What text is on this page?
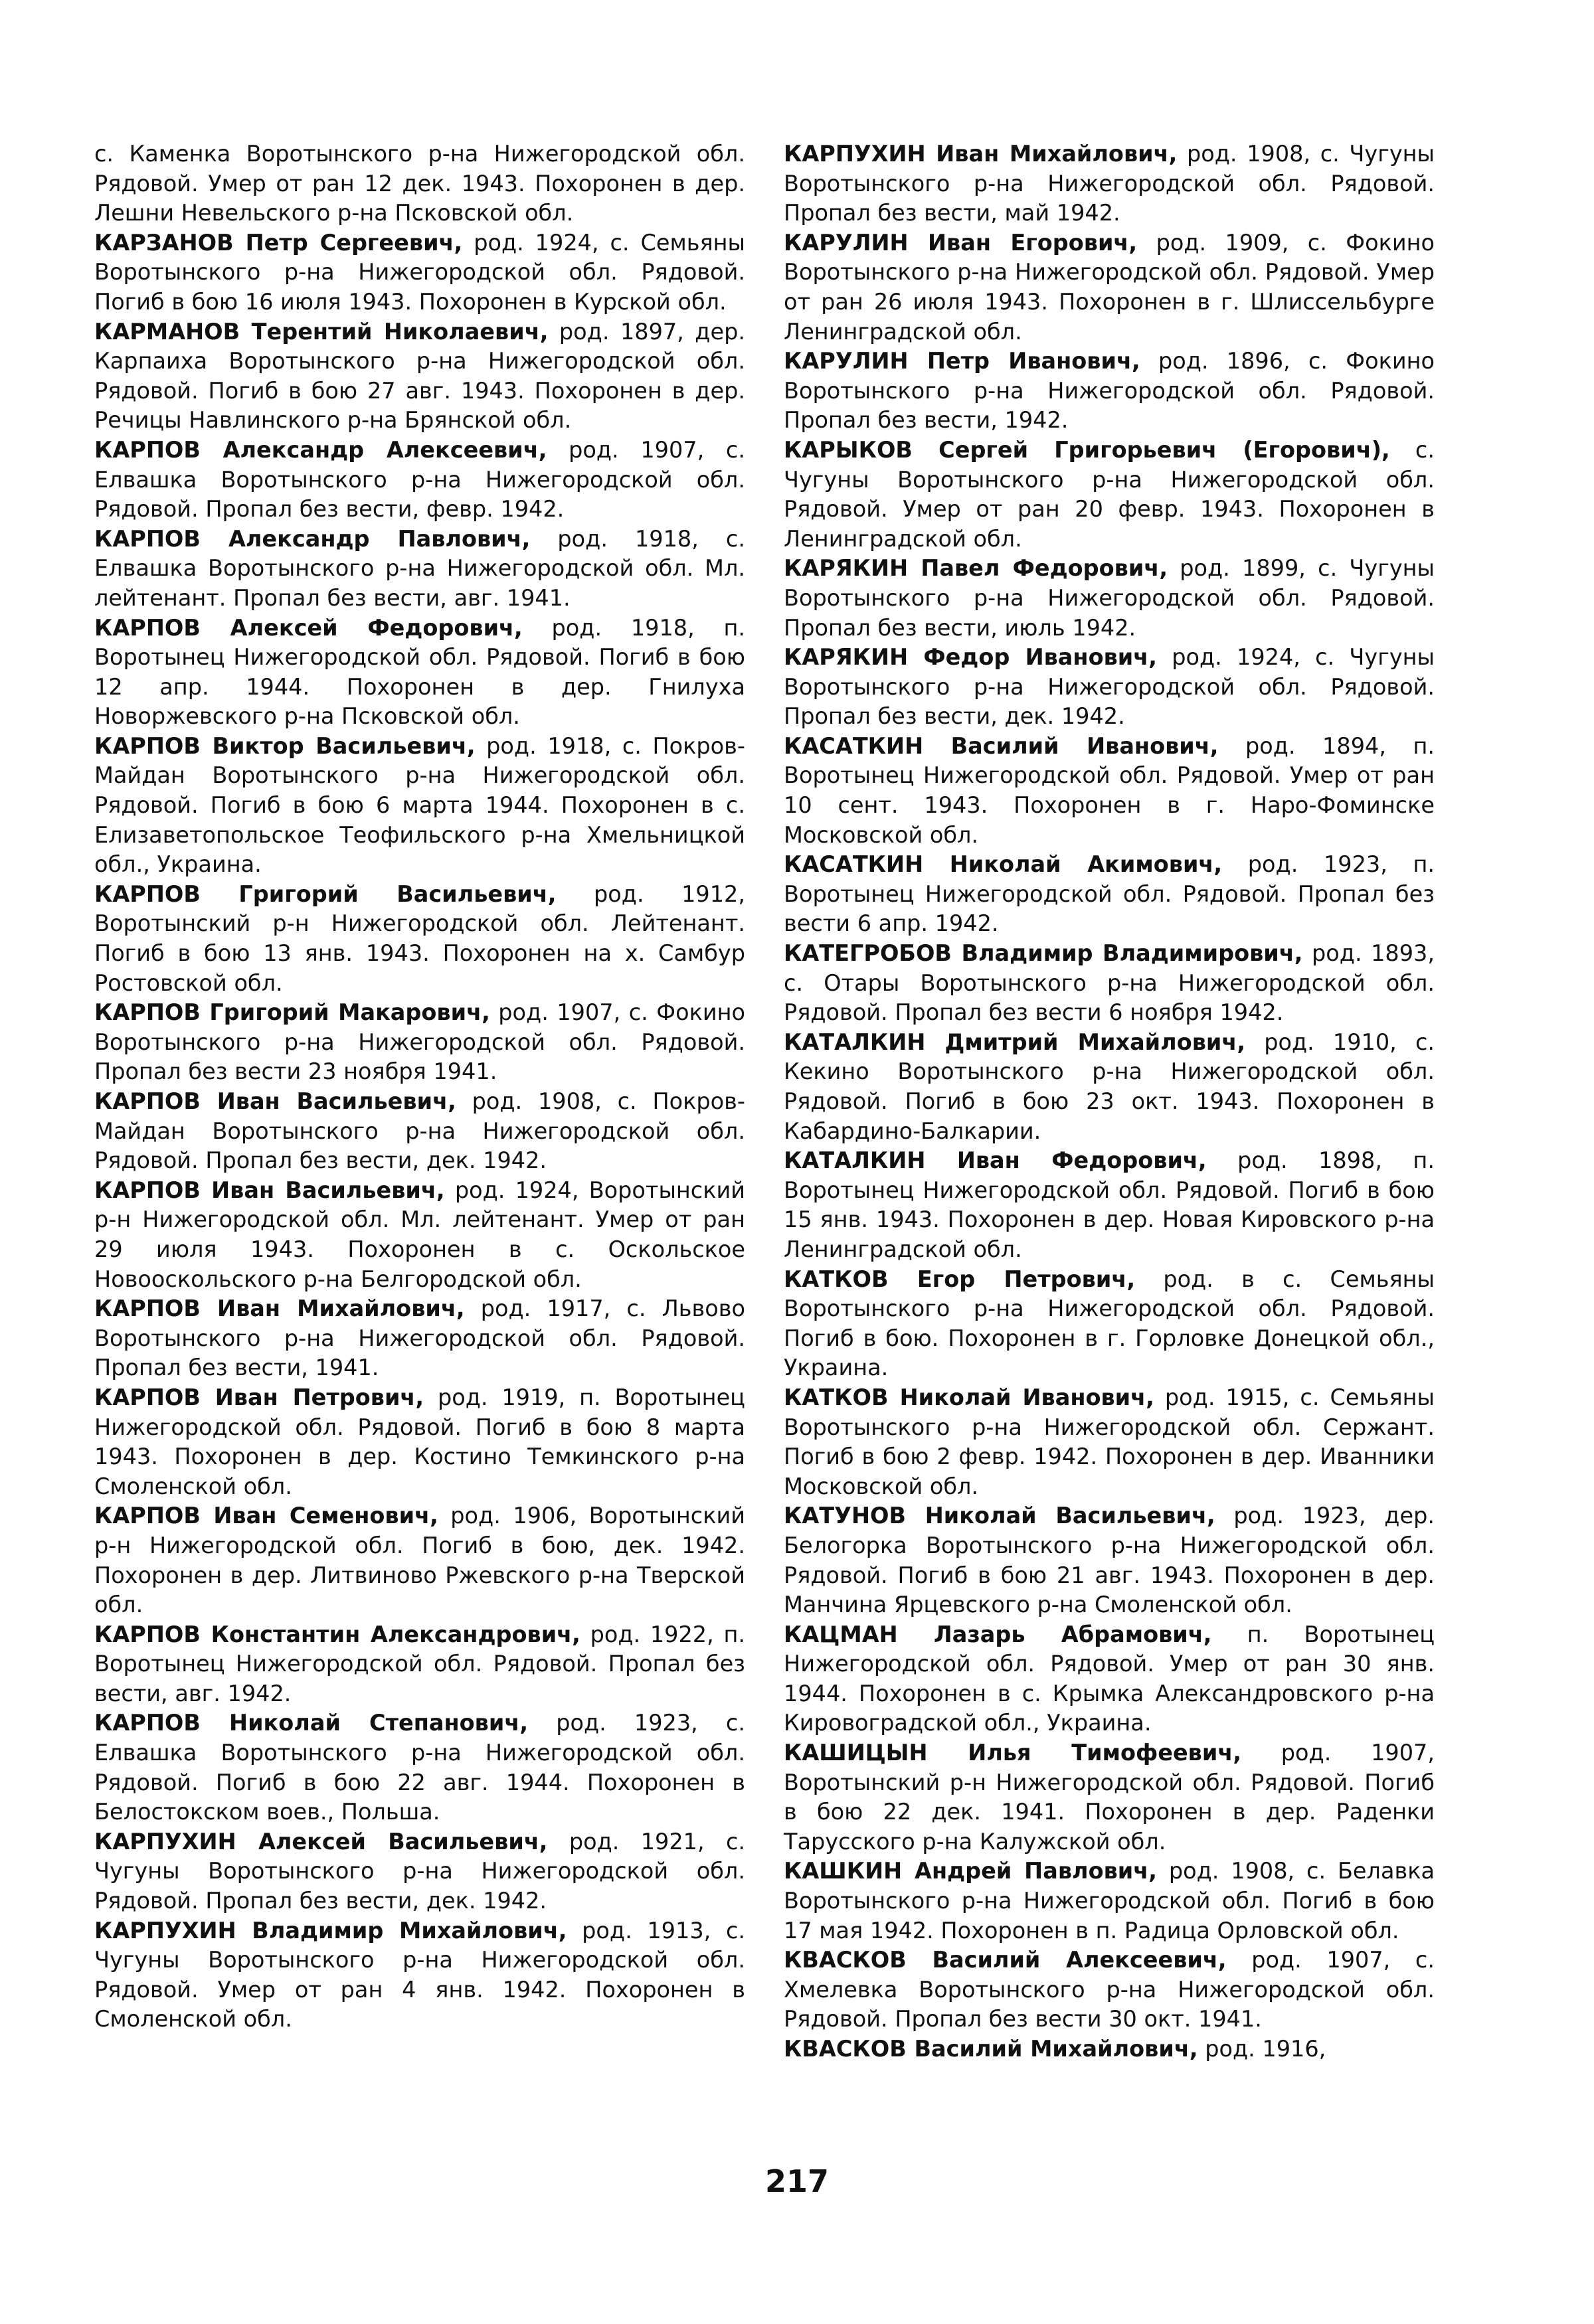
с. Каменка Воротынского р-на Нижегородской обл. Рядовой. Умер от ран 12 дек. 1943. Похоронен в дер. Лешни Невельского р-на Псковской обл.

КАРЗАНОВ Петр Сергеевич, род. 1924, с. Семьяны Воротынского р-на Нижегородской обл. Рядовой. Погиб в бою 16 июля 1943. Похоронен в Курской обл.

КАРМАНОВ Терентий Николаевич, род. 1897, дер. Карпаиха Воротынского р-на Нижегородской обл. Рядовой. Погиб в бою 27 авг. 1943. Похоронен в дер. Речицы Навлинского р-на Брянской обл.

КАРПОВ Александр Алексеевич, род. 1907, с. Елвашка Воротынского р-на Нижегородской обл. Рядовой. Пропал без вести, февр. 1942.

КАРПОВ Александр Павлович, род. 1918, с. Елвашка Воротынского р-на Нижегородской обл. Мл. лейтенант. Пропал без вести, авг. 1941.

КАРПОВ Алексей Федорович, род. 1918, п. Воротынец Нижегородской обл. Рядовой. Погиб в бою 12 апр. 1944. Похоронен в дер. Гнилуха Новоржевского р-на Псковской обл.

КАРПОВ Виктор Васильевич, род. 1918, с. Покров-Майдан Воротынского р-на Нижегородской обл. Рядовой. Погиб в бою 6 марта 1944. Похоронен в с. Елизаветопольское Теофильского р-на Хмельницкой обл., Украина.

КАРПОВ Григорий Васильевич, род. 1912, Воротынский р-н Нижегородской обл. Лейтенант. Погиб в бою 13 янв. 1943. Похоронен на х. Самбур Ростовской обл.

КАРПОВ Григорий Макарович, род. 1907, с. Фокино Воротынского р-на Нижегородской обл. Рядовой. Пропал без вести 23 ноября 1941.

КАРПОВ Иван Васильевич, род. 1908, с. Покров-Майдан Воротынского р-на Нижегородской обл. Рядовой. Пропал без вести, дек. 1942.

КАРПОВ Иван Васильевич, род. 1924, Воротынский р-н Нижегородской обл. Мл. лейтенант. Умер от ран 29 июля 1943. Похоронен в с. Оскольское Новооскольского р-на Белгородской обл.

КАРПОВ Иван Михайлович, род. 1917, с. Львово Воротынского р-на Нижегородской обл. Рядовой. Пропал без вести, 1941.

КАРПОВ Иван Петрович, род. 1919, п. Воротынец Нижегородской обл. Рядовой. Погиб в бою 8 марта 1943. Похоронен в дер. Костино Темкинского р-на Смоленской обл.

КАРПОВ Иван Семенович, род. 1906, Воротынский р-н Нижегородской обл. Погиб в бою, дек. 1942. Похоронен в дер. Литвиново Ржевского р-на Тверской обл.

КАРПОВ Константин Александрович, род. 1922, п. Воротынец Нижегородской обл. Рядовой. Пропал без вести, авг. 1942.

КАРПОВ Николай Степанович, род. 1923, с. Елвашка Воротынского р-на Нижегородской обл. Рядовой. Погиб в бою 22 авг. 1944. Похоронен в Белостокском воев., Польша.

КАРПУХИН Алексей Васильевич, род. 1921, с. Чугуны Воротынского р-на Нижегородской обл. Рядовой. Пропал без вести, дек. 1942.

КАРПУХИН Владимир Михайлович, род. 1913, с. Чугуны Воротынского р-на Нижегородской обл. Рядовой. Умер от ран 4 янв. 1942. Похоронен в Смоленской обл.

КАРПУХИН Иван Михайлович, род. 1908, с. Чугуны Воротынского р-на Нижегородской обл. Рядовой. Пропал без вести, май 1942.

КАРУЛИН Иван Егорович, род. 1909, с. Фокино Воротынского р-на Нижегородской обл. Рядовой. Умер от ран 26 июля 1943. Похоронен в г. Шлиссельбурге Ленинградской обл.

КАРУЛИН Петр Иванович, род. 1896, с. Фокино Воротынского р-на Нижегородской обл. Рядовой. Пропал без вести, 1942.

КАРЫКОВ Сергей Григорьевич (Егорович), с. Чугуны Воротынского р-на Нижегородской обл. Рядовой. Умер от ран 20 февр. 1943. Похоронен в Ленинградской обл.

КАРЯКИН Павел Федорович, род. 1899, с. Чугуны Воротынского р-на Нижегородской обл. Рядовой. Пропал без вести, июль 1942.

КАРЯКИН Федор Иванович, род. 1924, с. Чугуны Воротынского р-на Нижегородской обл. Рядовой. Пропал без вести, дек. 1942.

КАСАТКИН Василий Иванович, род. 1894, п. Воротынец Нижегородской обл. Рядовой. Умер от ран 10 сент. 1943. Похоронен в г. Наро-Фоминске Московской обл.

КАСАТКИН Николай Акимович, род. 1923, п. Воротынец Нижегородской обл. Рядовой. Пропал без вести 6 апр. 1942.

КАТЕГРОБОВ Владимир Владимирович, род. 1893, с. Отары Воротынского р-на Нижегородской обл. Рядовой. Пропал без вести 6 ноября 1942.

КАТАЛКИН Дмитрий Михайлович, род. 1910, с. Кекино Воротынского р-на Нижегородской обл. Рядовой. Погиб в бою 23 окт. 1943. Похоронен в Кабардино-Балкарии.

КАТАЛКИН Иван Федорович, род. 1898, п. Воротынец Нижегородской обл. Рядовой. Погиб в бою 15 янв. 1943. Похоронен в дер. Новая Кировского р-на Ленинградской обл.

КАТКОВ Егор Петрович, род. в с. Семьяны Воротынского р-на Нижегородской обл. Рядовой. Погиб в бою. Похоронен в г. Горловке Донецкой обл., Украина.

КАТКОВ Николай Иванович, род. 1915, с. Семьяны Воротынского р-на Нижегородской обл. Сержант. Погиб в бою 2 февр. 1942. Похоронен в дер. Иванники Московской обл.

КАТУНОВ Николай Васильевич, род. 1923, дер. Белогорка Воротынского р-на Нижегородской обл. Рядовой. Погиб в бою 21 авг. 1943. Похоронен в дер. Манчина Ярцевского р-на Смоленской обл.

КАЦМАН Лазарь Абрамович, п. Воротынец Нижегородской обл. Рядовой. Умер от ран 30 янв. 1944. Похоронен в с. Крымка Александровского р-на Кировоградской обл., Украина.

КАШИЦЫН Илья Тимофеевич, род. 1907, Воротынский р-н Нижегородской обл. Рядовой. Погиб в бою 22 дек. 1941. Похоронен в дер. Раденки Тарусского р-на Калужской обл.

КАШКИН Андрей Павлович, род. 1908, с. Белавка Воротынского р-на Нижегородской обл. Погиб в бою 17 мая 1942. Похоронен в п. Радица Орловской обл.

КВАСКОВ Василий Алексеевич, род. 1907, с. Хмелевка Воротынского р-на Нижегородской обл. Рядовой. Пропал без вести 30 окт. 1941.

КВАСКОВ Василий Михайлович, род. 1916,

217
